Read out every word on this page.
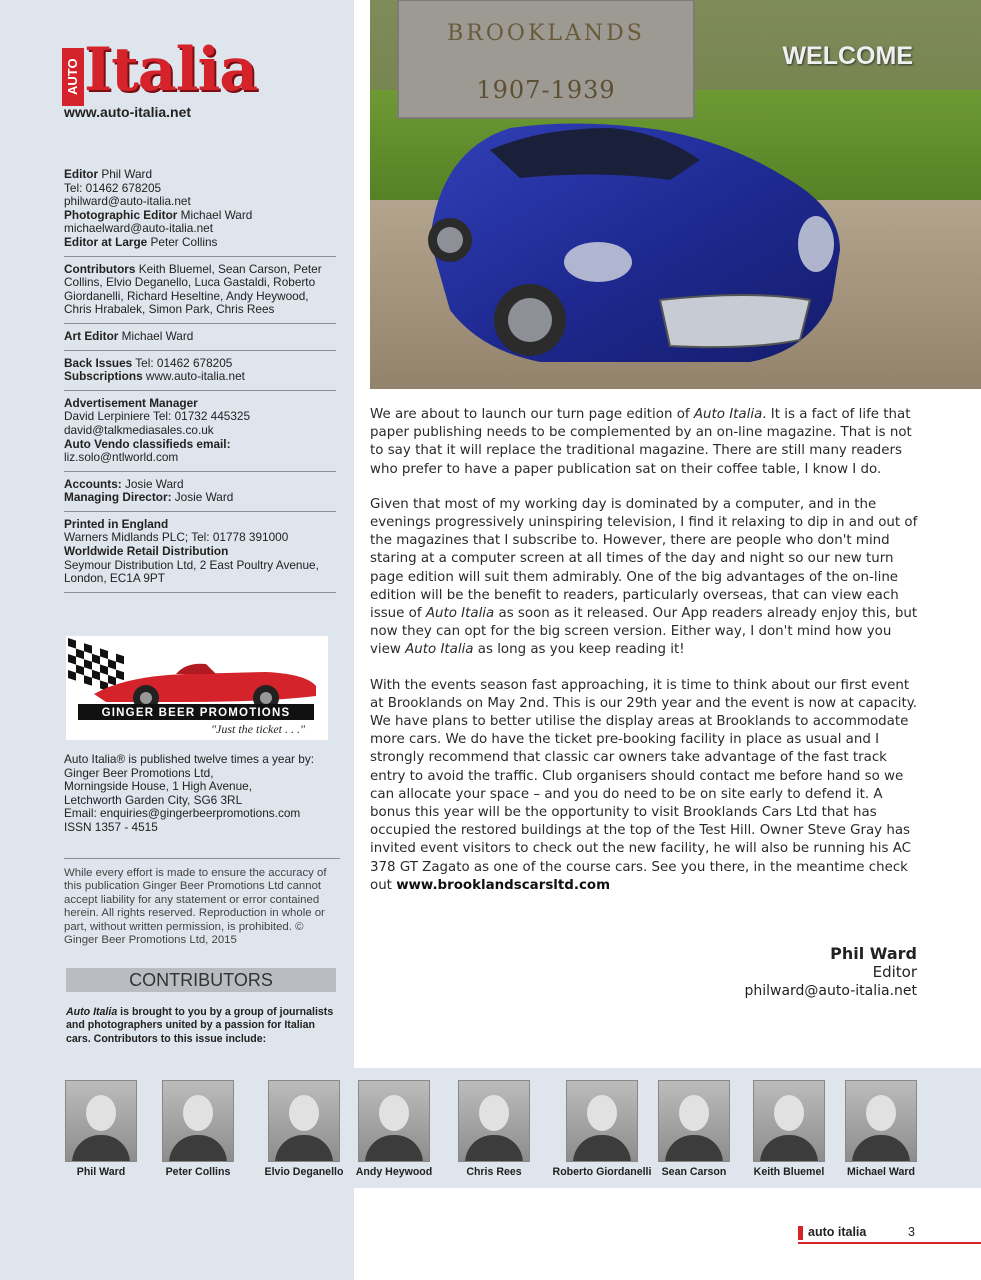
AUTO Italia
www.auto-italia.net
Editor Phil Ward
Tel: 01462 678205
philward@auto-italia.net
Photographic Editor Michael Ward
michaelward@auto-italia.net
Editor at Large Peter Collins
Contributors Keith Bluemel, Sean Carson, Peter Collins, Elvio Deganello, Luca Gastaldi, Roberto Giordanelli, Richard Heseltine, Andy Heywood, Chris Hrabalek, Simon Park, Chris Rees
Art Editor Michael Ward
Back Issues Tel: 01462 678205
Subscriptions www.auto-italia.net
Advertisement Manager
David Lerpiniere Tel: 01732 445325
david@talkmediasales.co.uk
Auto Vendo classifieds email:
liz.solo@ntlworld.com
Accounts: Josie Ward
Managing Director: Josie Ward
Printed in England
Warners Midlands PLC; Tel: 01778 391000
Worldwide Retail Distribution
Seymour Distribution Ltd, 2 East Poultry Avenue, London, EC1A 9PT
GINGER BEER PROMOTIONS
"Just the ticket . . ."
Auto Italia® is published twelve times a year by:
Ginger Beer Promotions Ltd,
Morningside House, 1 High Avenue,
Letchworth Garden City, SG6 3RL
Email: enquiries@gingerbeerpromotions.com
ISSN 1357 - 4515
While every effort is made to ensure the accuracy of this publication Ginger Beer Promotions Ltd cannot accept liability for any statement or error contained herein. All rights reserved. Reproduction in whole or part, without written permission, is prohibited. © Ginger Beer Promotions Ltd, 2015
CONTRIBUTORS
Auto Italia is brought to you by a group of journalists and photographers united by a passion for Italian cars. Contributors to this issue include:
Phil Ward	Peter Collins	Elvio Deganello	Andy Heywood	Chris Rees	Roberto Giordanelli Sean Carson	Keith Bluemel	Michael Ward
BROOKLANDS
1907-1939
WELCOME

We are about to launch our turn page edition of Auto Italia. It is a fact of life that paper publishing needs to be complemented by an on-line magazine. That is not to say that it will replace the traditional magazine. There are still many readers who prefer to have a paper publication sat on their coffee table, I know I do.

Given that most of my working day is dominated by a computer, and in the evenings progressively uninspiring television, I find it relaxing to dip in and out of the magazines that I subscribe to. However, there are people who don't mind staring at a computer screen at all times of the day and night so our new turn page edition will suit them admirably. One of the big advantages of the on-line edition will be the benefit to readers, particularly overseas, that can view each issue of Auto Italia as soon as it released. Our App readers already enjoy this, but now they can opt for the big screen version. Either way, I don't mind how you view Auto Italia as long as you keep reading it!

With the events season fast approaching, it is time to think about our first event at Brooklands on May 2nd. This is our 29th year and the event is now at capacity. We have plans to better utilise the display areas at Brooklands to accommodate more cars. We do have the ticket pre-booking facility in place as usual and I strongly recommend that classic car owners take advantage of the fast track entry to avoid the traffic. Club organisers should contact me before hand so we can allocate your space – and you do need to be on site early to defend it. A bonus this year will be the opportunity to visit Brooklands Cars Ltd that has occupied the restored buildings at the top of the Test Hill. Owner Steve Gray has invited event visitors to check out the new facility, he will also be running his AC 378 GT Zagato as one of the course cars. See you there, in the meantime check out www.brooklandscarsltd.com

Phil Ward
Editor
philward@auto-italia.net
auto italia	3
